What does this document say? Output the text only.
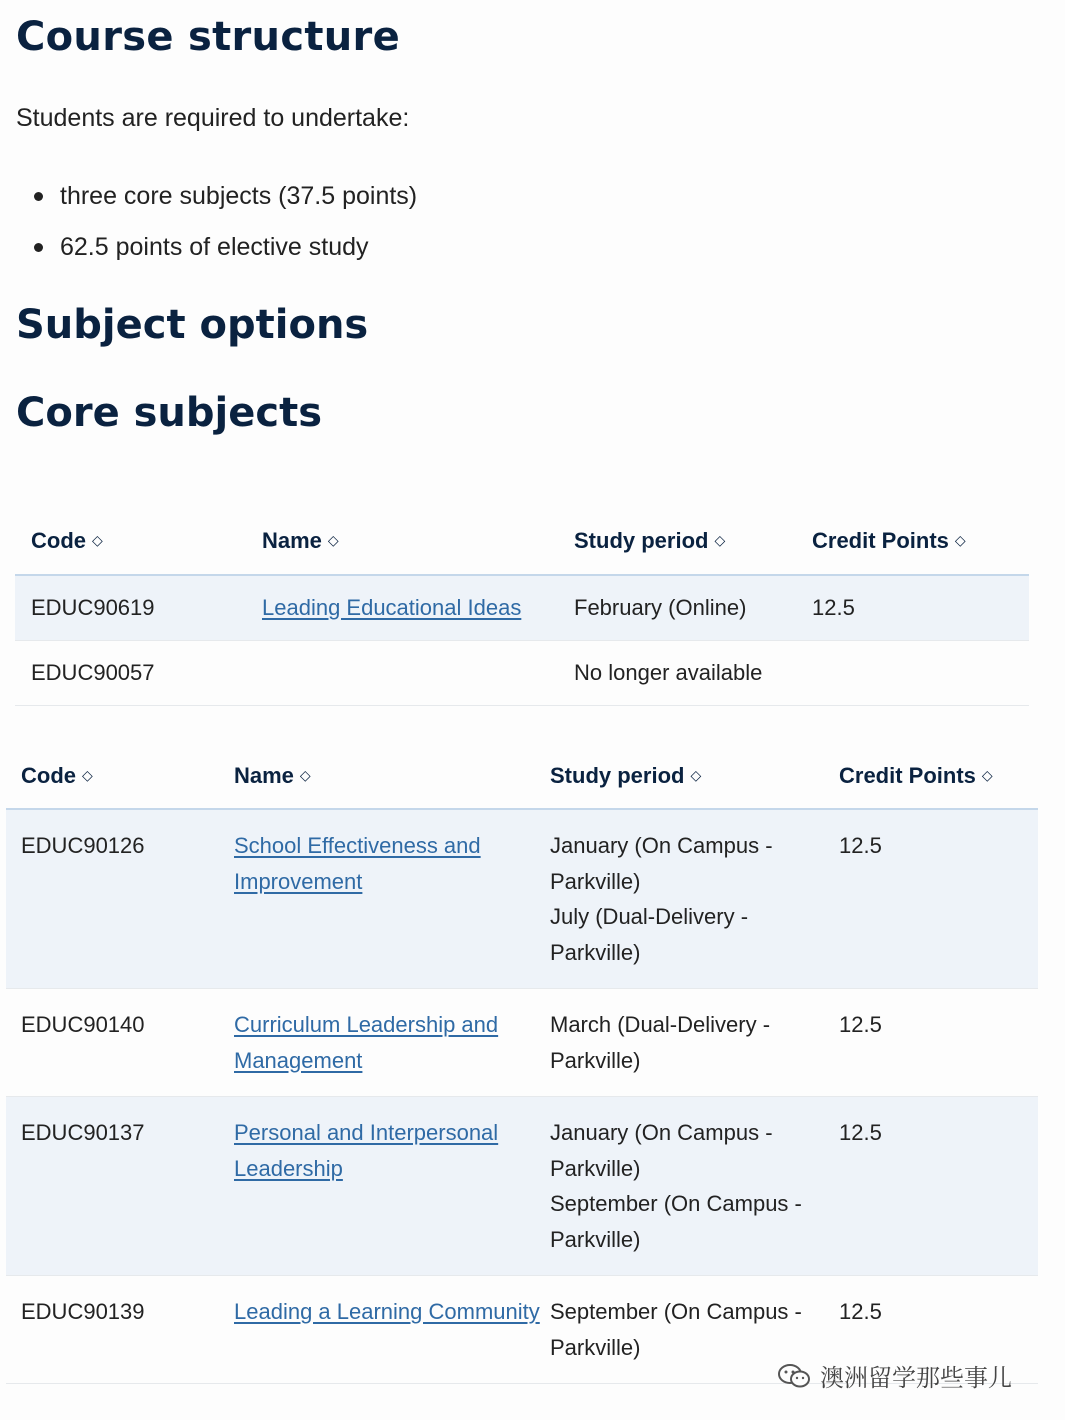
Course structure

Students are required to undertake:

three core subjects (37.5 points)
62.5 points of elective study
Subject options
Core subjects
Code ◇	Name ◇	Study period ◇	Credit Points ◇
EDUC90619	Leading Educational Ideas	February (Online)	12.5
EDUC90057		No longer available	
Code ◇	Name ◇	Study period ◇	Credit Points ◇
EDUC90126	School Effectiveness and Improvement	January (On Campus - Parkville)
July (Dual-Delivery - Parkville)	12.5
EDUC90140	Curriculum Leadership and Management	March (Dual-Delivery - Parkville)	12.5
EDUC90137	Personal and Interpersonal Leadership	January (On Campus - Parkville)
September (On Campus - Parkville)	12.5
EDUC90139	Leading a Learning Community	September (On Campus - Parkville)	12.5
澳洲留学那些事儿
